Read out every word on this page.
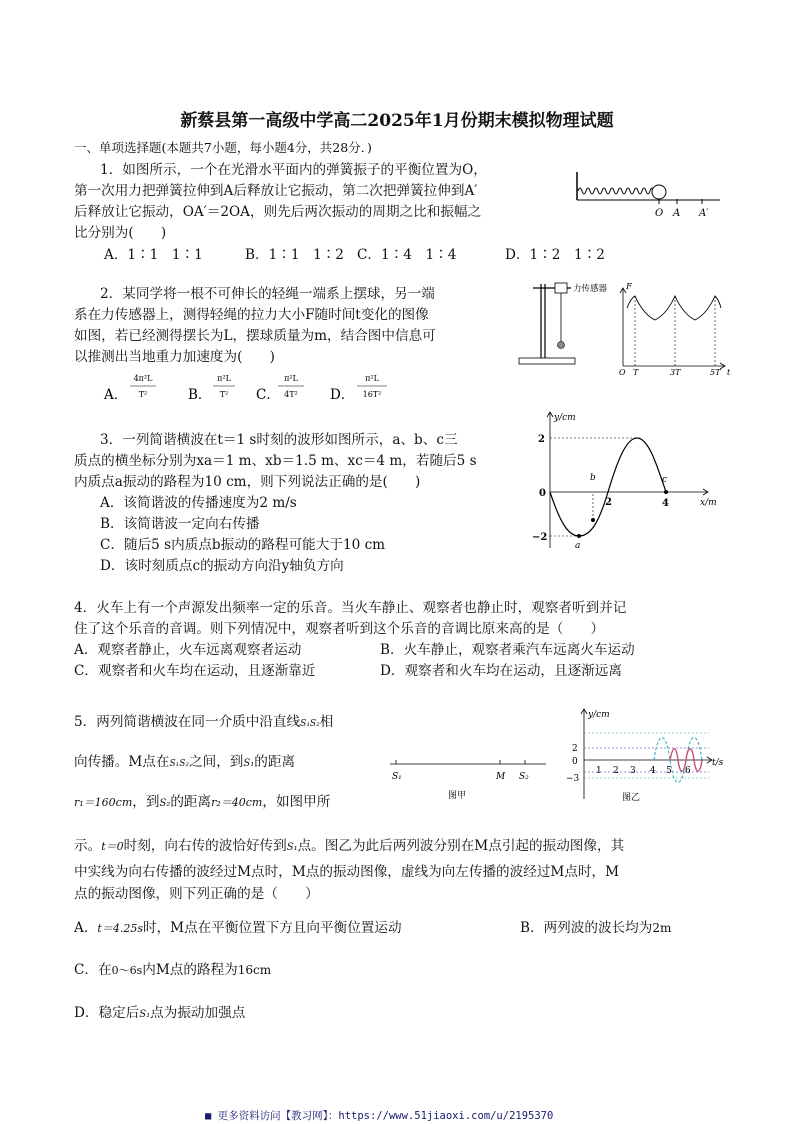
新蔡县第一高级中学高二2025年1月份期末模拟物理试题
一、单项选择题(本题共7小题，每小题4分，共28分．)
1．如图所示，一个在光滑水平面内的弹簧振子的平衡位置为O，
第一次用力把弹簧拉伸到A后释放让它振动，第二次把弹簧拉伸到A′
后释放让它振动，OA′＝2OA，则先后两次振动的周期之比和振幅之
比分别为(　　)
A．1∶1　1∶1	B．1∶1　1∶2 C．1∶4　1∶4	D．1∶2　1∶2
O A A′
2．某同学将一根不可伸长的轻绳一端系上摆球，另一端
系在力传感器上，测得轻绳的拉力大小F随时间t变化的图像
如图，若已经测得摆长为L，摆球质量为m，结合图中信息可
以推测出当地重力加速度为(　　)
A．
4π²L
T²	B．
π²L
T² C．
π²L
4T² D．
π²L
16T²
力传感器 F
O T	3T	5T t
3．一列简谐横波在t＝1 s时刻的波形如图所示，a、b、c三
质点的横坐标分别为xa＝1 m、xb＝1.5 m、xc＝4 m，若随后5 s
内质点a振动的路程为10 cm，则下列说法正确的是(　　)
A．该简谐波的传播速度为2 m/s
B．该简谐波一定向右传播
C．随后5 s内质点b振动的路程可能大于10 cm
D．该时刻质点c的振动方向沿y轴负方向
y/cm
x/m
2
−2
0
2	4
a
b	c
4．火车上有一个声源发出频率一定的乐音。当火车静止、观察者也静止时，观察者听到并记
住了这个乐音的音调。则下列情况中，观察者听到这个乐音的音调比原来高的是（　　）
A．观察者静止，火车远离观察者运动	B．火车静止，观察者乘汽车远离火车运动
C．观察者和火车均在运动，且逐渐靠近	D．观察者和火车均在运动，且逐渐远离
5．两列简谐横波在同一介质中沿直线S₁S₂相
向传播。M点在S₁S₂之间，到S₁的距离
r₁＝160cm，到S₂的距离r₂＝40cm，如图甲所
示。t＝0时刻，向右传的波恰好传到S₁点。图乙为此后两列波分别在M点引起的振动图像，其
中实线为向右传播的波经过M点时，M点的振动图像，虚线为向左传播的波经过M点时，M
点的振动图像，则下列正确的是（　　）
A．t＝4.25s时，M点在平衡位置下方且向平衡位置运动	B．两列波的波长均为2m
C．在0～6s内M点的路程为16cm
D．稳定后S₁点为振动加强点
S₁	M S₂
图甲
y/cm
t/s
2
0
−3
1 2 3 4 5 6
图乙
■ 更多资料访问【教习网】：https://www.51jiaoxi.com/u/2195370
